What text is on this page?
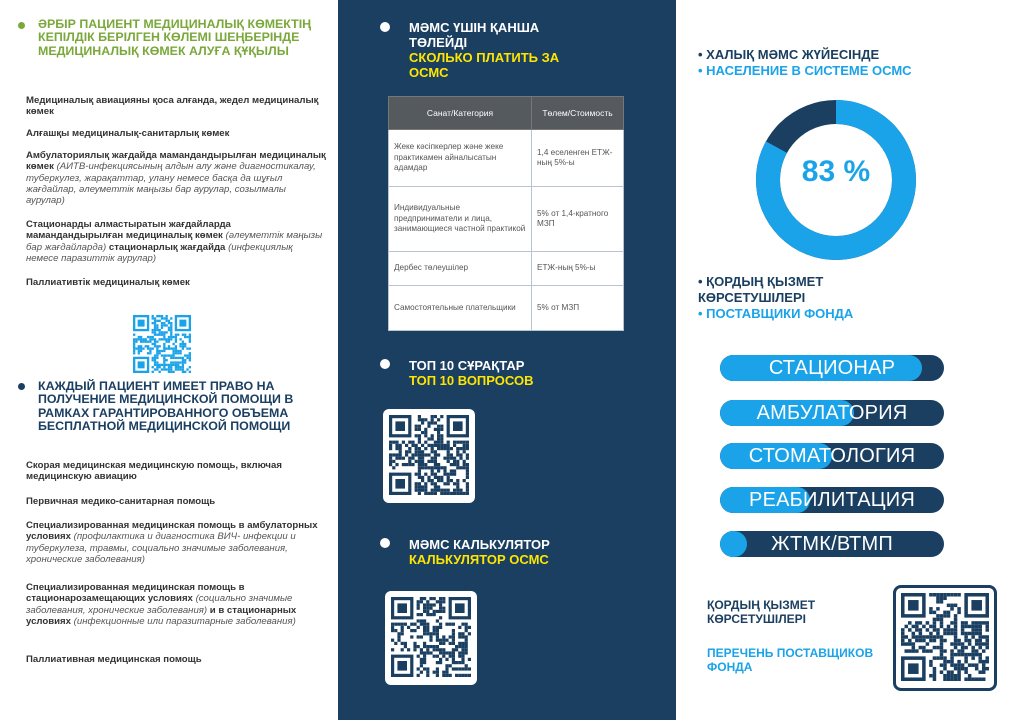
ӘРБІР ПАЦИЕНТ МЕДИЦИНАЛЫҚ КӨМЕКТІҢ КЕПІЛДІК БЕРІЛГЕН КӨЛЕМІ ШЕҢБЕРІНДЕ МЕДИЦИНАЛЫҚ КӨМЕК АЛУҒА ҚҰҚЫЛЫ
Медициналық авиацияны қоса алғанда, жедел медициналық көмек
Алғашқы медициналық-санитарлық көмек
Амбулаториялық жағдайда мамандандырылған медициналық көмек (АИТВ-инфекциясының алдын алу және диагностикалау, туберкулез, жарақаттар, улану немесе басқа да шұғыл жағдайлар, әлеуметтік маңызы бар аурулар, созылмалы аурулар)
Стационарды алмастыратын жағдайларда мамандандырылған медициналық көмек (әлеуметтік маңызы бар жағдайларда) стационарлық жағдайда (инфекциялық немесе паразиттік аурулар)
Паллиативтік медициналық көмек
КАЖДЫЙ ПАЦИЕНТ ИМЕЕТ ПРАВО НА ПОЛУЧЕНИЕ МЕДИЦИНСКОЙ ПОМОЩИ В РАМКАХ ГАРАНТИРОВАННОГО ОБЪЕМА БЕСПЛАТНОЙ МЕДИЦИНСКОЙ ПОМОЩИ
Скорая медицинская медицинскую помощь, включая медицинскую авиацию
Первичная медико-санитарная помощь
Специализированная медицинская помощь в амбулаторных условиях (профилактика и диагностика ВИЧ- инфекции и туберкулеза, травмы, социально значимые заболевания, хронические заболевания)
Специализированная медицинская помощь в стационарозамещающих условиях (социально значимые заболевания, хронические заболевания) и в стационарных условиях (инфекционные или паразитарные заболевания)
Паллиативная медицинская помощь
МӘМС ҮШІН ҚАНША ТӨЛЕЙДІ
СКОЛЬКО ПЛАТИТЬ ЗА ОСМС
Санат/Категория	Төлем/Стоимость
Жеке кәсіпкерлер және жеке практикамен айналысатын адамдар	1,4 еселенген ЕТЖ-ның 5%-ы
Индивидуальные предприниматели и лица, занимающиеся частной практикой	5% от 1,4-кратного МЗП
Дербес төлеушілер	ЕТЖ-ның 5%-ы
Самостоятельные плательщики	5% от МЗП
ТОП 10 СҰРАҚТАР
ТОП 10 ВОПРОСОВ
МӘМС КАЛЬКУЛЯТОР
КАЛЬКУЛЯТОР ОСМС
• ХАЛЫҚ МӘМС ЖҮЙЕСІНДЕ
• НАСЕЛЕНИЕ В СИСТЕМЕ ОСМС
83 %
• ҚОРДЫҢ ҚЫЗМЕТ КӨРСЕТУШІЛЕРІ
• ПОСТАВЩИКИ ФОНДА
СТАЦИОНАР
АМБУЛАТОРИЯ
СТОМАТОЛОГИЯ
РЕАБИЛИТАЦИЯ
ЖТМК/ВТМП
ҚОРДЫҢ ҚЫЗМЕТ КӨРСЕТУШІЛЕРІ
ПЕРЕЧЕНЬ ПОСТАВЩИКОВ ФОНДА
